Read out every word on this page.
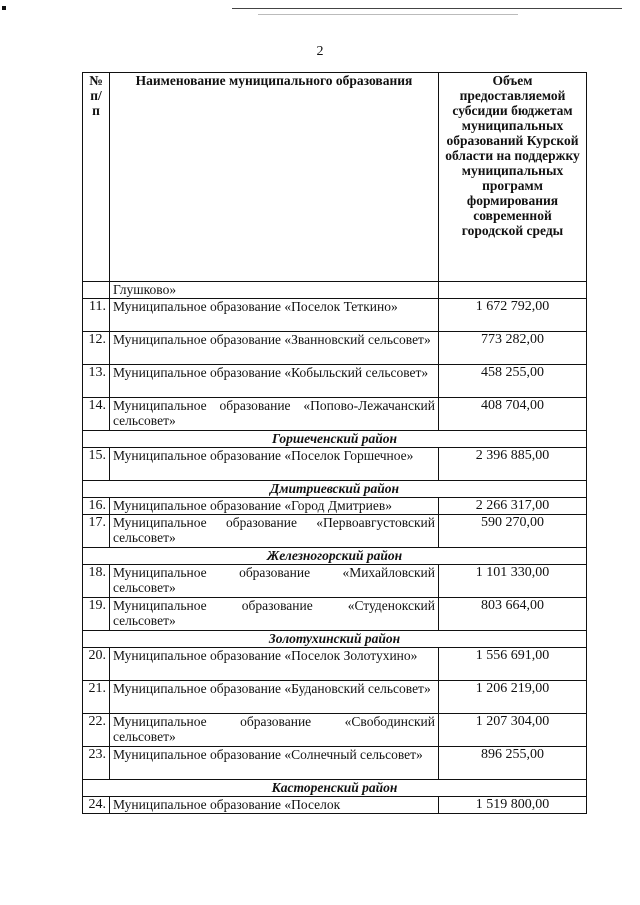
2
№ п/ п	Наименование муниципального образования	Объем предоставляемой субсидии бюджетам муниципальных образований Курской области на поддержку муниципальных программ формирования современной городской среды
	Глушково»	
11.	Муниципальное образование «Поселок Теткино»	1 672 792,00
12.	Муниципальное образование «Званновский сельсовет»	773 282,00
13.	Муниципальное образование «Кобыльский сельсовет»	458 255,00
14.	Муниципальное образование «Попово-Лежачанский сельсовет»	408 704,00
Горшеченский район		
15.	Муниципальное образование «Поселок Горшечное»	2 396 885,00
Дмитриевский район		
16.	Муниципальное образование «Город Дмитриев»	2 266 317,00
17.	Муниципальное образование «Первоавгустовский сельсовет»	590 270,00
Железногорский район		
18.	Муниципальное образование «Михайловский сельсовет»	1 101 330,00
19.	Муниципальное образование «Студенокский сельсовет»	803 664,00
Золотухинский район		
20.	Муниципальное образование «Поселок Золотухино»	1 556 691,00
21.	Муниципальное образование «Будановский сельсовет»	1 206 219,00
22.	Муниципальное образование «Свободинский сельсовет»	1 207 304,00
23.	Муниципальное образование «Солнечный сельсовет»	896 255,00
Касторенский район		
24.	Муниципальное образование «Поселок	1 519 800,00
